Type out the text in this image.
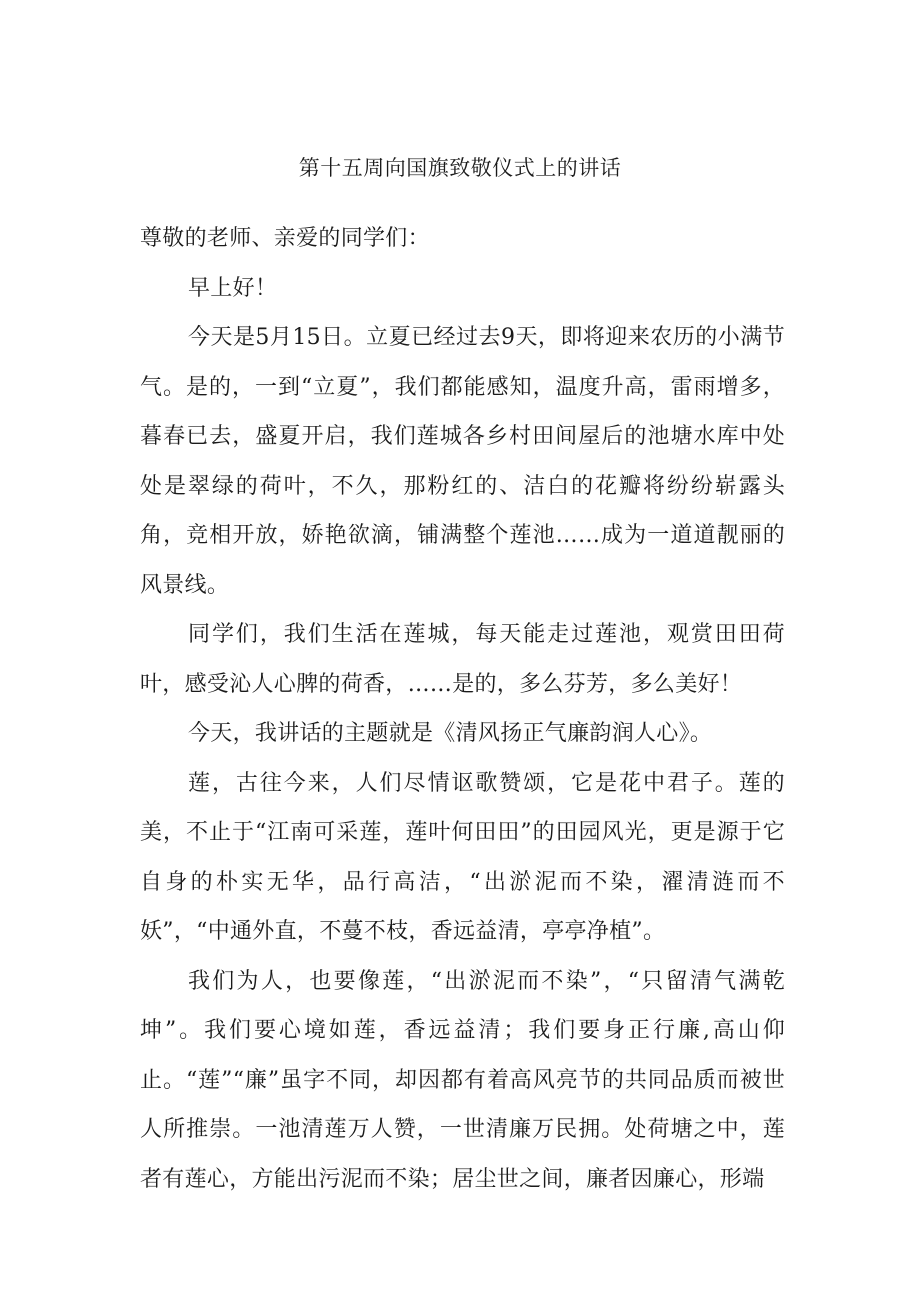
第十五周向国旗致敬仪式上的讲话

尊敬的老师、亲爱的同学们：

早上好！

今天是5月15日。立夏已经过去9天，即将迎来农历的小满节气。是的，一到“立夏”，我们都能感知，温度升高，雷雨增多，暮春已去，盛夏开启，我们莲城各乡村田间屋后的池塘水库中处处是翠绿的荷叶，不久，那粉红的、洁白的花瓣将纷纷崭露头角，竞相开放，娇艳欲滴，铺满整个莲池……成为一道道靓丽的风景线。

同学们，我们生活在莲城，每天能走过莲池，观赏田田荷叶，感受沁人心脾的荷香，……是的，多么芬芳，多么美好！

今天，我讲话的主题就是《清风扬正气廉韵润人心》。

莲，古往今来，人们尽情讴歌赞颂，它是花中君子。莲的美，不止于“江南可采莲，莲叶何田田”的田园风光，更是源于它自身的朴实无华，品行高洁，“出淤泥而不染，濯清涟而不妖”，“中通外直，不蔓不枝，香远益清，亭亭净植”。

我们为人，也要像莲，“出淤泥而不染”，“只留清气满乾坤”。我们要心境如莲，香远益清；我们要身正行廉,高山仰止。“莲”“廉”虽字不同，却因都有着高风亮节的共同品质而被世人所推崇。一池清莲万人赞，一世清廉万民拥。处荷塘之中，莲者有莲心，方能出污泥而不染；居尘世之间，廉者因廉心，形端
